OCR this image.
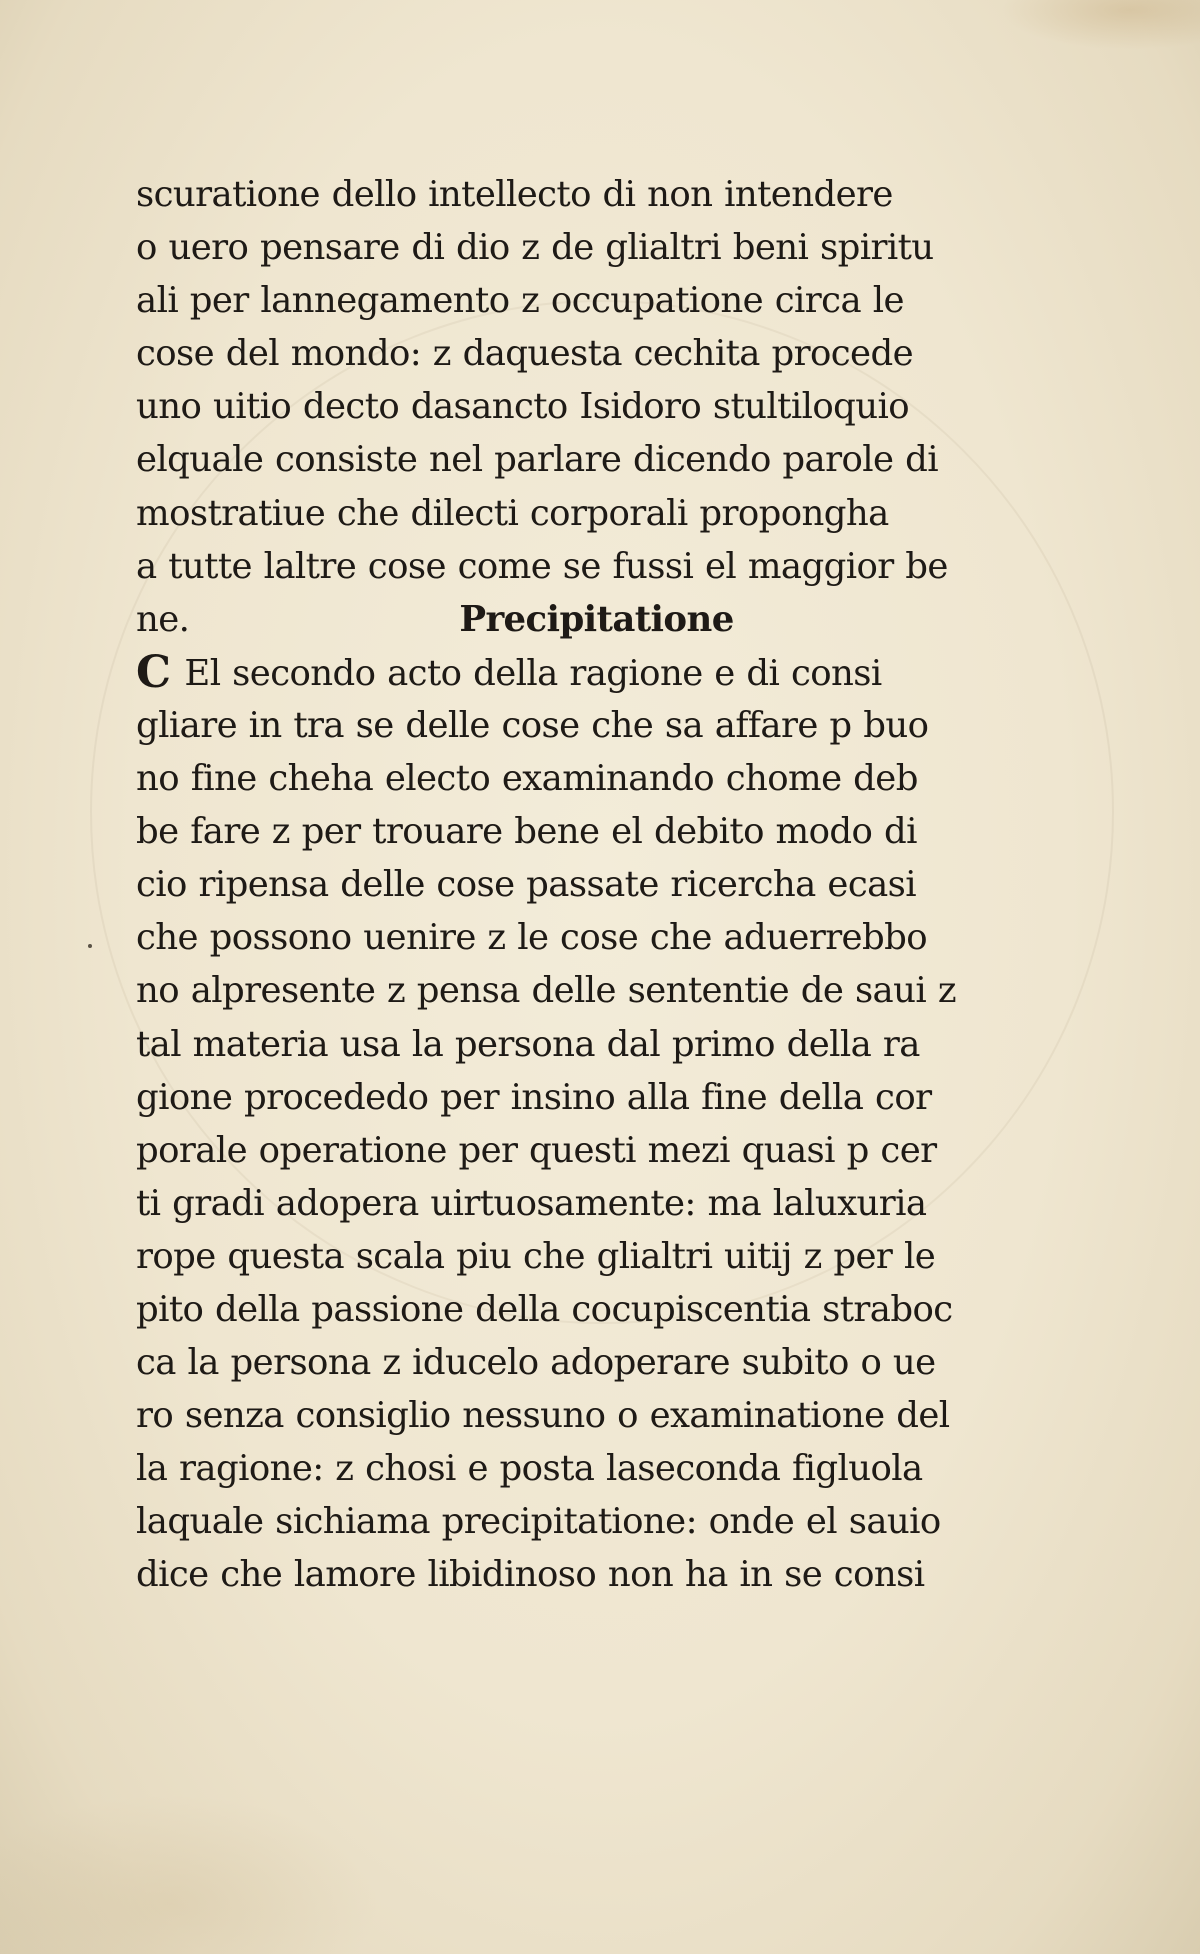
scuratione dello intellecto di non intendere
o uero pensare di dio z de glialtri beni spiritu
ali per lannegamento z occupatione circa le
cose del mondo: z daquesta cechita procede
uno uitio decto dasancto Isidoro stultiloquio
elquale consiste nel parlare dicendo parole di
mostratiue che dilecti corporali propongha
a tutte laltre cose come se fussi el maggior be
ne.	Precipitatione
C El secondo acto della ragione e di consi
gliare in tra se delle cose che sa affare p buo
no fine cheha electo examinando chome deb
be fare z per trouare bene el debito modo di
cio ripensa delle cose passate ricercha ecasi
che possono uenire z le cose che aduerrebbo
no alpresente z pensa delle sententie de saui z
tal materia usa la persona dal primo della ra
gione procededo per insino alla fine della cor
porale operatione per questi mezi quasi p cer
ti gradi adopera uirtuosamente: ma laluxuria
rope questa scala piu che glialtri uitij z per le
pito della passione della cocupiscentia straboc
ca la persona z iducelo adoperare subito o ue
ro senza consiglio nessuno o examinatione del
la ragione: z chosi e posta laseconda figluola
laquale sichiama precipitatione: onde el sauio
dice che lamore libidinoso non ha in se consi
